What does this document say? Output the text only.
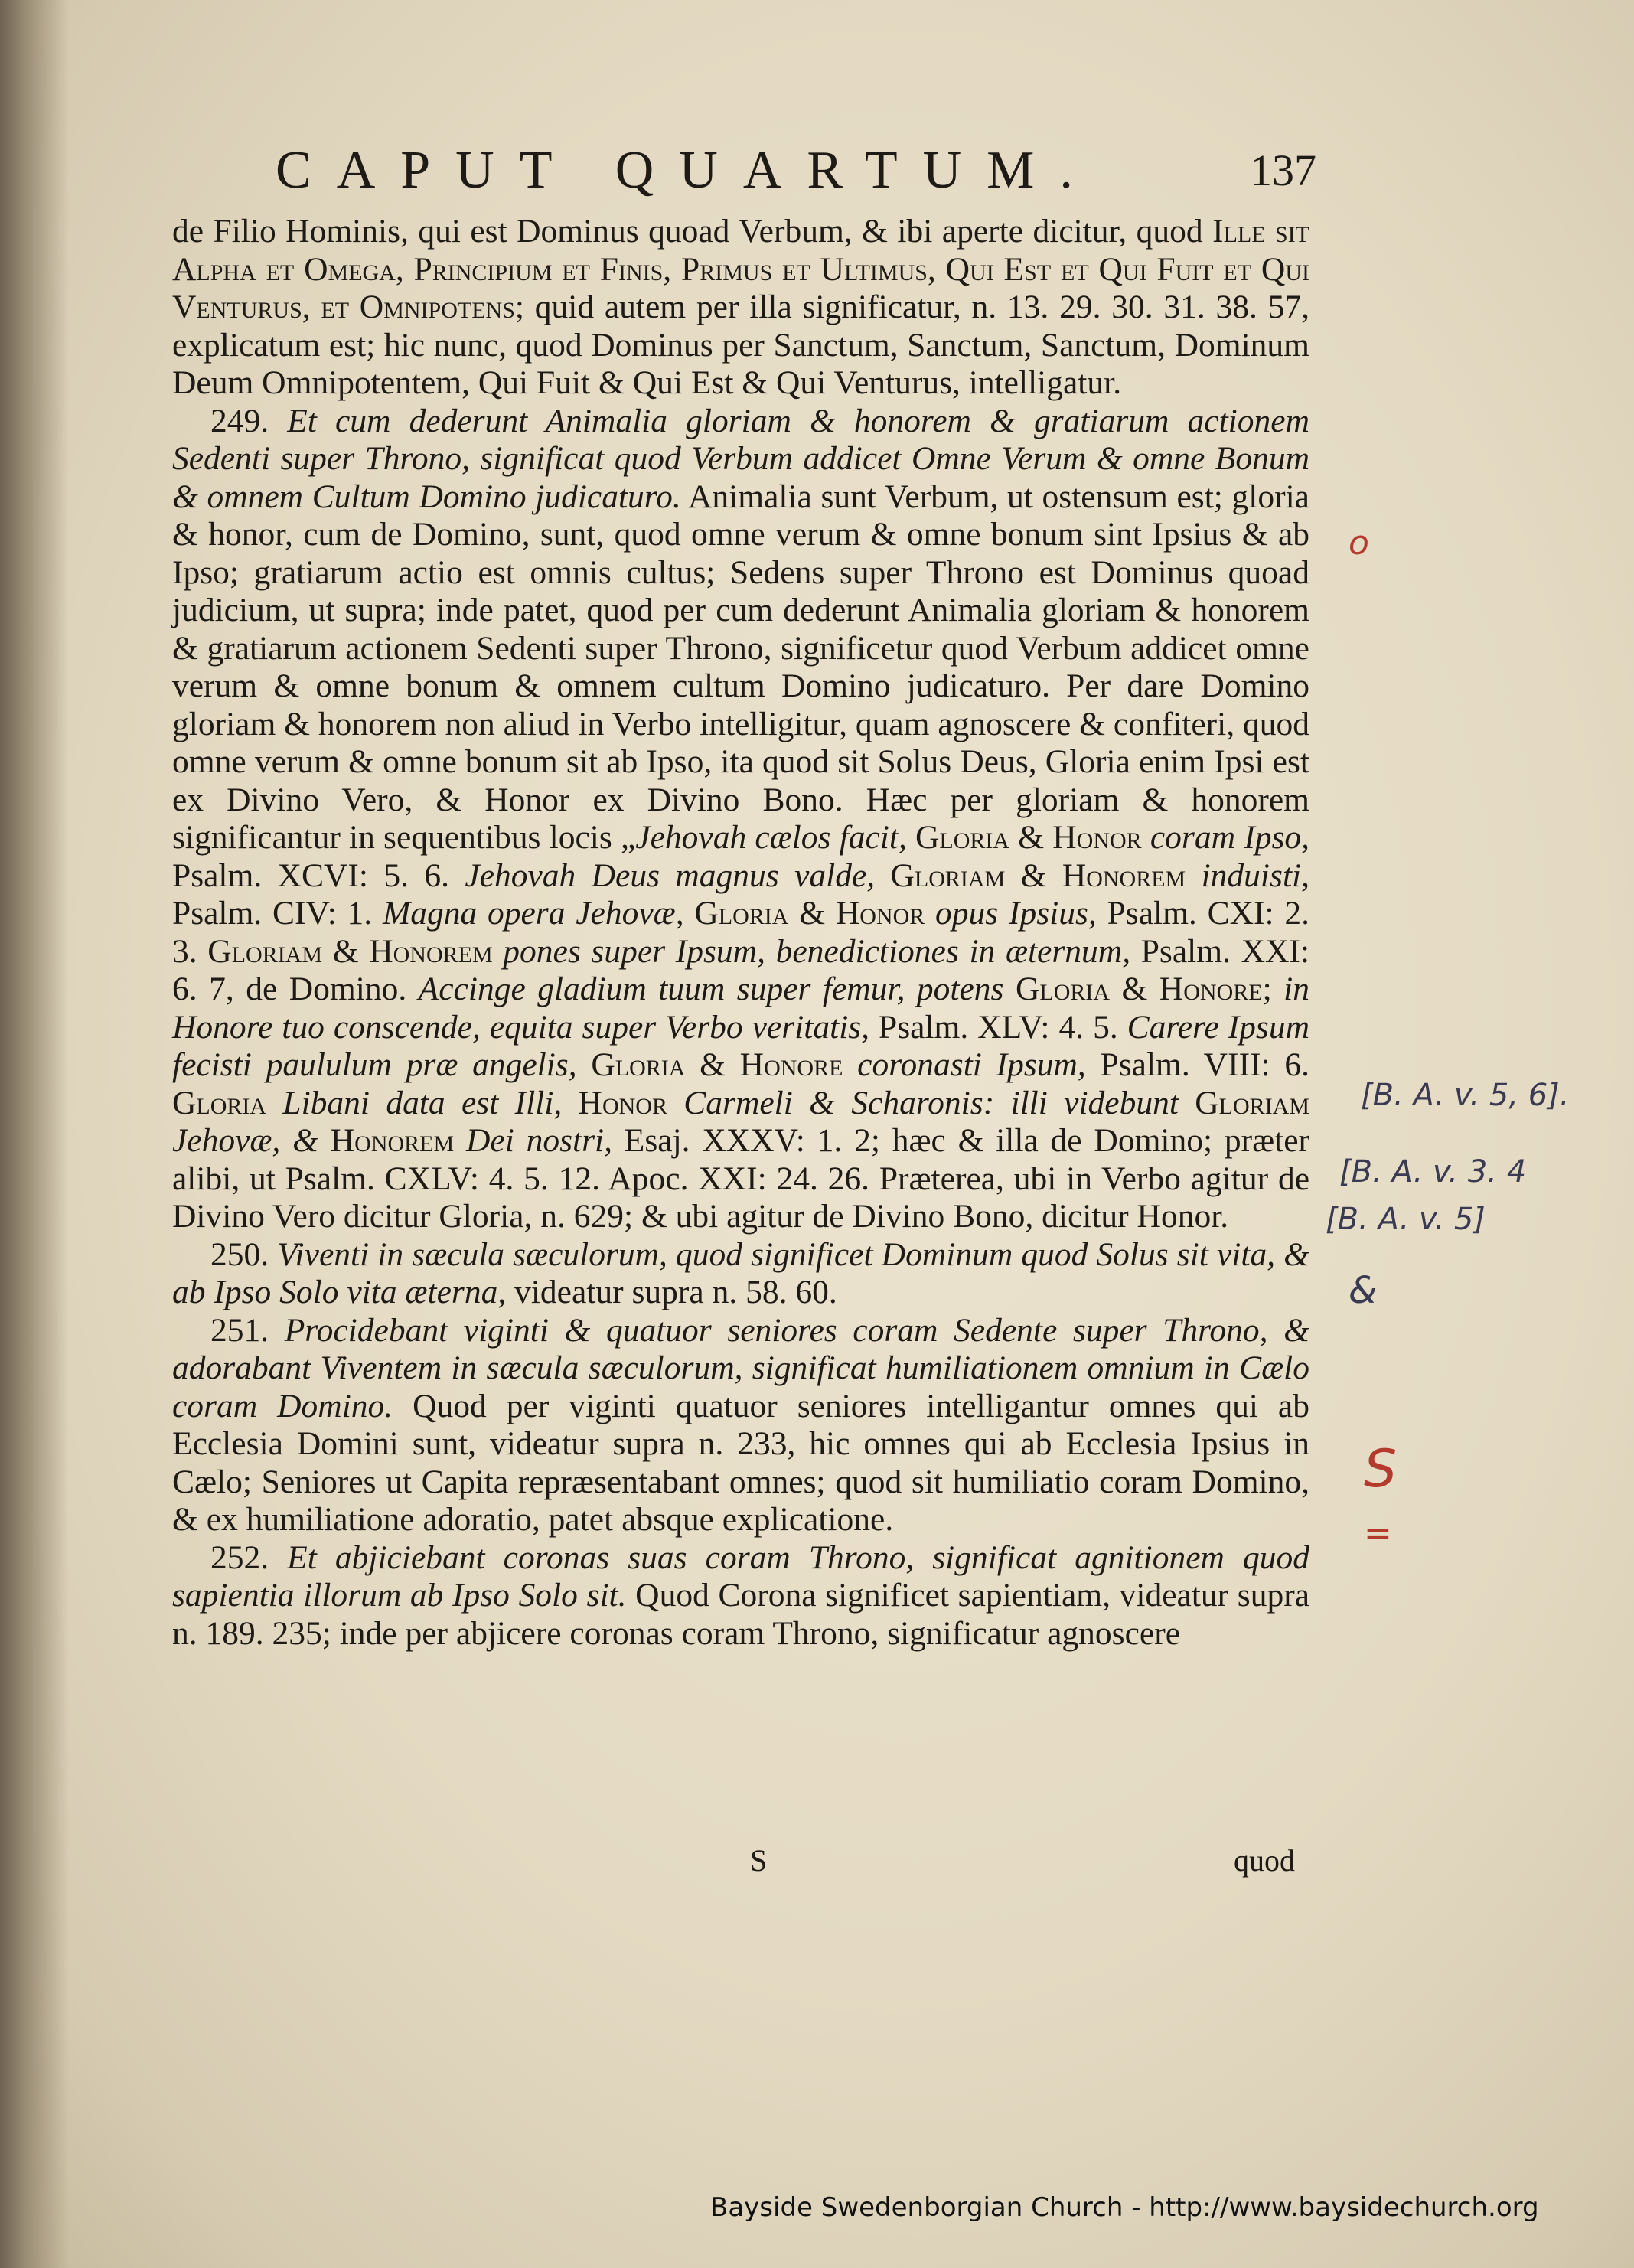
CAPUT QUARTUM.	137

de Filio Hominis, qui est Dominus quoad Verbum, & ibi aperte dicitur, quod Ille sit Alpha et Omega, Principium et Finis, Primus et Ultimus, Qui Est et Qui Fuit et Qui Venturus, et Omnipotens; quid autem per illa significatur, n. 13. 29. 30. 31. 38. 57, explicatum est; hic nunc, quod Dominus per Sanctum, Sanctum, Sanctum, Dominum Deum Omnipotentem, Qui Fuit & Qui Est & Qui Venturus, intelligatur.

249. Et cum dederunt Animalia gloriam & honorem & gratiarum actionem Sedenti super Throno, significat quod Verbum addicet Omne Verum & omne Bonum & omnem Cultum Domino judicaturo. Animalia sunt Verbum, ut ostensum est; gloria & honor, cum de Domino, sunt, quod omne verum & omne bonum sint Ipsius & ab Ipso; gratiarum actio est omnis cultus; Sedens super Throno est Dominus quoad judicium, ut supra; inde patet, quod per cum dederunt Animalia gloriam & honorem & gratiarum actionem Sedenti super Throno, significetur quod Verbum addicet omne verum & omne bonum & omnem cultum Domino judicaturo. Per dare Domino gloriam & honorem non aliud in Verbo intelligitur, quam agnoscere & confiteri, quod omne verum & omne bonum sit ab Ipso, ita quod sit Solus Deus, Gloria enim Ipsi est ex Divino Vero, & Honor ex Divino Bono. Hæc per gloriam & honorem significantur in sequentibus locis „Jehovah cælos facit, Gloria & Honor coram Ipso, Psalm. XCVI: 5. 6. Jehovah Deus magnus valde, Gloriam & Honorem induisti, Psalm. CIV: 1. Magna opera Jehovæ, Gloria & Honor opus Ipsius, Psalm. CXI: 2. 3. Gloriam & Honorem pones super Ipsum, benedictiones in æternum, Psalm. XXI: 6. 7, de Domino. Accinge gladium tuum super femur, potens Gloria & Honore; in Honore tuo conscende, equita super Verbo veritatis, Psalm. XLV: 4. 5. Carere Ipsum fecisti paululum præ angelis, Gloria & Honore coronasti Ipsum, Psalm. VIII: 6. Gloria Libani data est Illi, Honor Carmeli & Scharonis: illi videbunt Gloriam Jehovæ, & Honorem Dei nostri, Esaj. XXXV: 1. 2; hæc & illa de Domino; præter alibi, ut Psalm. CXLV: 4. 5. 12. Apoc. XXI: 24. 26. Præterea, ubi in Verbo agitur de Divino Vero dicitur Gloria, n. 629; & ubi agitur de Divino Bono, dicitur Honor.

250. Viventi in sæcula sæculorum, quod significet Dominum quod Solus sit vita, & ab Ipso Solo vita æterna, videatur supra n. 58. 60.

251. Procidebant viginti & quatuor seniores coram Sedente super Throno, & adorabant Viventem in sæcula sæculorum, significat humiliationem omnium in Cælo coram Domino. Quod per viginti quatuor seniores intelligantur omnes qui ab Ecclesia Domini sunt, videatur supra n. 233, hic omnes qui ab Ecclesia Ipsius in Cælo; Seniores ut Capita repræsentabant omnes; quod sit humiliatio coram Domino, & ex humiliatione adoratio, patet absque explicatione.

252. Et abjiciebant coronas suas coram Throno, significat agnitionem quod sapientia illorum ab Ipso Solo sit. Quod Corona significet sapientiam, videatur supra n. 189. 235; inde per abjicere coronas coram Throno, significatur agnoscere

S	quod
o
[B. A. v. 5, 6].
[B. A. v. 3. 4
[B. A. v. 5]
&
S
=
Bayside Swedenborgian Church - http://www.baysidechurch.org
